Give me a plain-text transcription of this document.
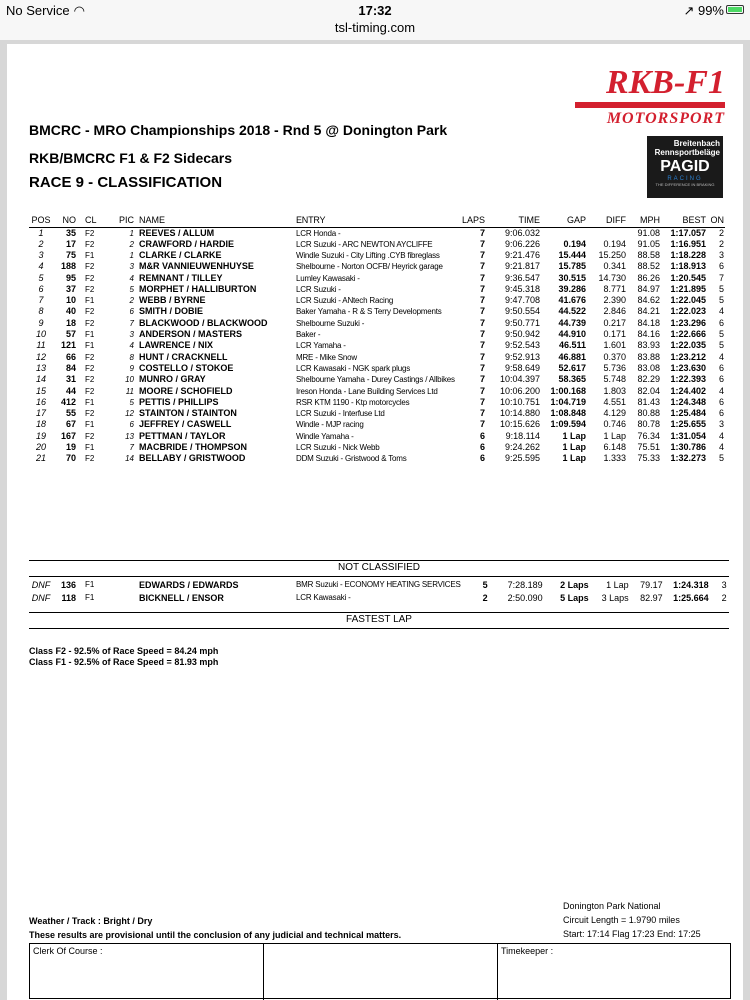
No Service ◠	17:32
tsl-timing.com
↗ 99%
RKB-F1
MOTORSPORT
Breitenbach
Rennsportbeläge
PAGID
RACING
THE DIFFERENCE IN BRAKING
BMCRC - MRO Championships 2018 - Rnd 5 @ Donington Park
RKB/BMCRC F1 & F2 Sidecars
RACE 9 - CLASSIFICATION
POS	NO	CL	PIC	NAME	ENTRY	LAPS	TIME	GAP	DIFF	MPH	BEST	ON
1	35	F2	1	REEVES / ALLUM	LCR Honda -	7	9:06.032			91.08	1:17.057	2
2	17	F2	2	CRAWFORD / HARDIE	LCR Suzuki - ARC NEWTON AYCLIFFE	7	9:06.226	0.194	0.194	91.05	1:16.951	2
3	75	F1	1	CLARKE / CLARKE	Windle Suzuki - City Lifting .CYB fibreglass	7	9:21.476	15.444	15.250	88.58	1:18.228	3
4	188	F2	3	M&R VANNIEUWENHUYSE	Shelbourne - Norton OCFB/ Heyrick garage	7	9:21.817	15.785	0.341	88.52	1:18.913	6
5	95	F2	4	REMNANT / TILLEY	Lumley Kawasaki -	7	9:36.547	30.515	14.730	86.26	1:20.545	7
6	37	F2	5	MORPHET / HALLIBURTON	LCR Suzuki -	7	9:45.318	39.286	8.771	84.97	1:21.895	5
7	10	F1	2	WEBB / BYRNE	LCR Suzuki - ANtech Racing	7	9:47.708	41.676	2.390	84.62	1:22.045	5
8	40	F2	6	SMITH / DOBIE	Baker Yamaha - R & S Terry Developments	7	9:50.554	44.522	2.846	84.21	1:22.023	4
9	18	F2	7	BLACKWOOD / BLACKWOOD	Shelbourne Suzuki -	7	9:50.771	44.739	0.217	84.18	1:23.296	6
10	57	F1	3	ANDERSON / MASTERS	Baker -	7	9:50.942	44.910	0.171	84.16	1:22.666	5
11	121	F1	4	LAWRENCE / NIX	LCR Yamaha -	7	9:52.543	46.511	1.601	83.93	1:22.035	5
12	66	F2	8	HUNT / CRACKNELL	MRE - Mike Snow	7	9:52.913	46.881	0.370	83.88	1:23.212	4
13	84	F2	9	COSTELLO / STOKOE	LCR Kawasaki - NGK spark plugs	7	9:58.649	52.617	5.736	83.08	1:23.630	6
14	31	F2	10	MUNRO / GRAY	Shelbourne Yamaha - Durey Castings / Allbikes	7	10:04.397	58.365	5.748	82.29	1:22.393	6
15	44	F2	11	MOORE / SCHOFIELD	Ireson Honda - Lane Building Services Ltd	7	10:06.200	1:00.168	1.803	82.04	1:24.402	4
16	412	F1	5	PETTIS / PHILLIPS	RSR KTM 1190 - Ktp motorcycles	7	10:10.751	1:04.719	4.551	81.43	1:24.348	6
17	55	F2	12	STAINTON / STAINTON	LCR Suzuki - Interfuse Ltd	7	10:14.880	1:08.848	4.129	80.88	1:25.484	6
18	67	F1	6	JEFFREY / CASWELL	Windle - MJP racing	7	10:15.626	1:09.594	0.746	80.78	1:25.655	3
19	167	F2	13	PETTMAN / TAYLOR	Windle Yamaha -	6	9:18.114	1 Lap	1 Lap	76.34	1:31.054	4
20	19	F1	7	MACBRIDE / THOMPSON	LCR Suzuki - Nick Webb	6	9:24.262	1 Lap	6.148	75.51	1:30.786	4
21	70	F2	14	BELLABY / GRISTWOOD	DDM Suzuki - Gristwood & Toms	6	9:25.595	1 Lap	1.333	75.33	1:32.273	5
NOT CLASSIFIED
DNF	136	F1		EDWARDS / EDWARDS	BMR Suzuki - ECONOMY HEATING SERVICES	5	7:28.189	2 Laps	1 Lap	79.17	1:24.318	3
DNF	118	F1		BICKNELL / ENSOR	LCR Kawasaki -	2	2:50.090	5 Laps	3 Laps	82.97	1:25.664	2
FASTEST LAP
Class F2 - 92.5% of Race Speed = 84.24 mph
Class F1 - 92.5% of Race Speed = 81.93 mph
Donington Park National
Circuit Length = 1.9790 miles
Start: 17:14 Flag 17:23 End: 17:25
Weather / Track : Bright / Dry
These results are provisional until the conclusion of any judicial and technical matters.
Clerk Of Course :	Timekeeper :
